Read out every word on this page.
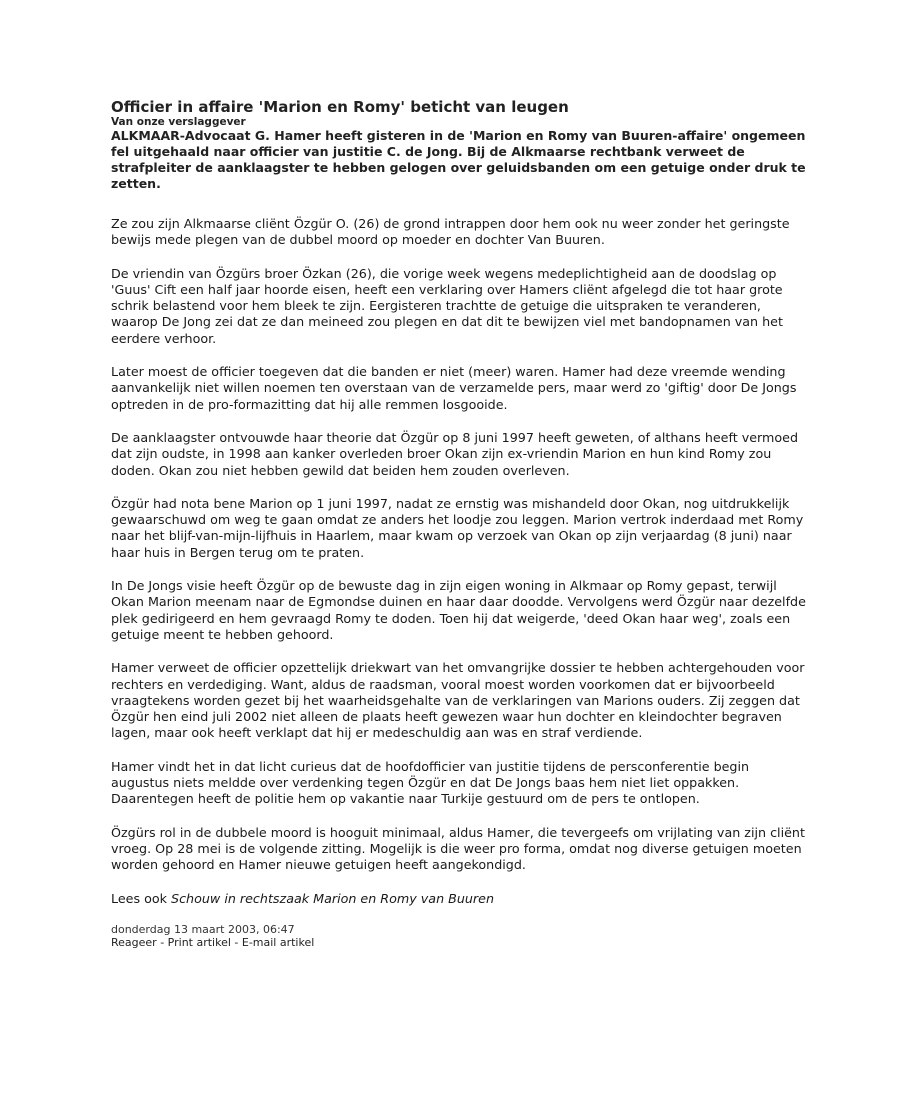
Officier in affaire 'Marion en Romy' beticht van leugen

Van onze verslaggever

ALKMAAR-Advocaat G. Hamer heeft gisteren in de 'Marion en Romy van Buuren-affaire' ongemeen fel uitgehaald naar officier van justitie C. de Jong. Bij de Alkmaarse rechtbank verweet de strafpleiter de aanklaagster te hebben gelogen over geluidsbanden om een getuige onder druk te zetten.

Ze zou zijn Alkmaarse cliënt Özgür O. (26) de grond intrappen door hem ook nu weer zonder het geringste bewijs mede plegen van de dubbel moord op moeder en dochter Van Buuren.

De vriendin van Özgürs broer Özkan (26), die vorige week wegens medeplichtigheid aan de doodslag op 'Guus' Cift een half jaar hoorde eisen, heeft een verklaring over Hamers cliënt afgelegd die tot haar grote schrik belastend voor hem bleek te zijn. Eergisteren trachtte de getuige die uitspraken te veranderen, waarop De Jong zei dat ze dan meineed zou plegen en dat dit te bewijzen viel met bandopnamen van het eerdere verhoor.

Later moest de officier toegeven dat die banden er niet (meer) waren. Hamer had deze vreemde wending aanvankelijk niet willen noemen ten overstaan van de verzamelde pers, maar werd zo 'giftig' door De Jongs optreden in de pro-formazitting dat hij alle remmen losgooide.

De aanklaagster ontvouwde haar theorie dat Özgür op 8 juni 1997 heeft geweten, of althans heeft vermoed dat zijn oudste, in 1998 aan kanker overleden broer Okan zijn ex-vriendin Marion en hun kind Romy zou doden. Okan zou niet hebben gewild dat beiden hem zouden overleven.

Özgür had nota bene Marion op 1 juni 1997, nadat ze ernstig was mishandeld door Okan, nog uitdrukkelijk gewaarschuwd om weg te gaan omdat ze anders het loodje zou leggen. Marion vertrok inderdaad met Romy naar het blijf-van-mijn-lijfhuis in Haarlem, maar kwam op verzoek van Okan op zijn verjaardag (8 juni) naar haar huis in Bergen terug om te praten.

In De Jongs visie heeft Özgür op de bewuste dag in zijn eigen woning in Alkmaar op Romy gepast, terwijl Okan Marion meenam naar de Egmondse duinen en haar daar doodde. Vervolgens werd Özgür naar dezelfde plek gedirigeerd en hem gevraagd Romy te doden. Toen hij dat weigerde, 'deed Okan haar weg', zoals een getuige meent te hebben gehoord.

Hamer verweet de officier opzettelijk driekwart van het omvangrijke dossier te hebben achtergehouden voor rechters en verdediging. Want, aldus de raadsman, vooral moest worden voorkomen dat er bijvoorbeeld vraagtekens worden gezet bij het waarheidsgehalte van de verklaringen van Marions ouders. Zij zeggen dat Özgür hen eind juli 2002 niet alleen de plaats heeft gewezen waar hun dochter en kleindochter begraven lagen, maar ook heeft verklapt dat hij er medeschuldig aan was en straf verdiende.

Hamer vindt het in dat licht curieus dat de hoofdofficier van justitie tijdens de persconferentie begin augustus niets meldde over verdenking tegen Özgür en dat De Jongs baas hem niet liet oppakken. Daarentegen heeft de politie hem op vakantie naar Turkije gestuurd om de pers te ontlopen.

Özgürs rol in de dubbele moord is hooguit minimaal, aldus Hamer, die tevergeefs om vrijlating van zijn cliënt vroeg. Op 28 mei is de volgende zitting. Mogelijk is die weer pro forma, omdat nog diverse getuigen moeten worden gehoord en Hamer nieuwe getuigen heeft aangekondigd.

Lees ook Schouw in rechtszaak Marion en Romy van Buuren

donderdag 13 maart 2003, 06:47

Reageer - Print artikel - E-mail artikel
